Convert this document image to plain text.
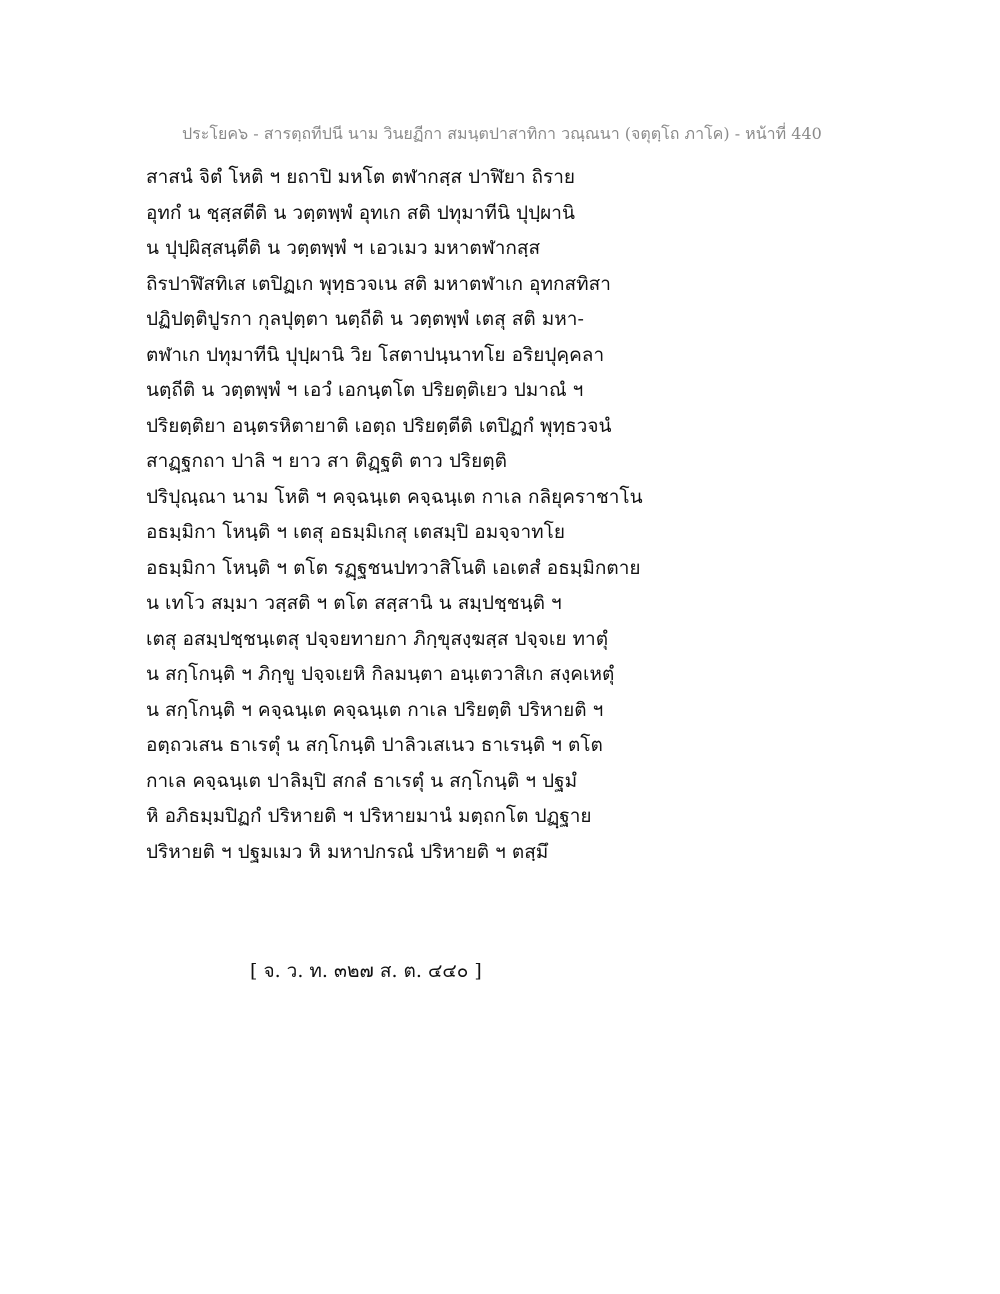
ประโยค๖ - สารตฺถทีปนี นาม วินยฏีกา สมนฺตปาสาทิกา วณฺณนา (จตุตฺโถ ภาโค) - หน้าที่ 440
สาสนํ จิตํ โหติ ฯ ยถาปิ มหโต ตฬากสฺส ปาฬิยา ถิราย
อุทกํ น ชฺสฺสตีติ น วตฺตพฺพํ อุทเก สติ ปทุมาทีนิ ปุปฺผานิ
น ปุปฺผิสฺสนฺตีติ น วตฺตพฺพํ ฯ เอวเมว มหาตฬากสฺส
ถิรปาฬิสทิเส เตปิฏเก พุทฺธวจเน สติ มหาตฬาเก อุทกสทิสา
ปฏิปตฺติปูรกา กุลปุตฺตา นตฺถีติ น วตฺตพฺพํ เตสุ สติ มหา-
ตฬาเก ปทุมาทีนิ ปุปฺผานิ วิย โสตาปนฺนาทโย อริยปุคฺคลา
นตฺถีติ น วตฺตพฺพํ ฯ เอวํ เอกนฺตโต ปริยตฺติเยว ปมาณํ ฯ
ปริยตฺติยา อนฺตรหิตายาติ เอตฺถ ปริยตฺตีติ เตปิฏกํ พุทฺธวจนํ
สาฏฺฐกถา ปาลิ ฯ ยาว สา ติฏฺฐติ ตาว ปริยตฺติ
ปริปุณฺณา นาม โหติ ฯ คจฺฉนฺเต คจฺฉนฺเต กาเล กลิยุคราชาโน
อธมฺมิกา โหนฺติ ฯ เตสุ อธมฺมิเกสุ เตสมฺปิ อมจฺจาทโย
อธมฺมิกา โหนฺติ ฯ ตโต รฏฺฐชนปทวาสิโนติ เอเตสํ อธมฺมิกตาย
น เทโว สมฺมา วสฺสติ ฯ ตโต สสฺสานิ น สมฺปชฺชนฺติ ฯ
เตสุ อสมฺปชฺชนฺเตสุ ปจฺจยทายกา ภิกฺขุสงฺฆสฺส ปจฺจเย ทาตุํ
น สกฺโกนฺติ ฯ ภิกฺขู ปจฺจเยหิ กิลมนฺตา อนฺเตวาสิเก สงฺคเหตุํ
น สกฺโกนฺติ ฯ คจฺฉนฺเต คจฺฉนฺเต กาเล ปริยตฺติ ปริหายติ ฯ
อตฺถวเสน ธาเรตุํ น สกฺโกนฺติ ปาลิวเสเนว ธาเรนฺติ ฯ ตโต
กาเล คจฺฉนฺเต ปาลิมฺปิ สกลํ ธาเรตุํ น สกฺโกนฺติ ฯ ปฐมํ
หิ อภิธมฺมปิฏกํ ปริหายติ ฯ ปริหายมานํ มตฺถกโต ปฏฺฐาย
ปริหายติ ฯ ปฐมเมว หิ มหาปกรณํ ปริหายติ ฯ ตสฺมึ
[ จ. ว. ท. ๓๒๗ ส. ต. ๔๔๐ ]
